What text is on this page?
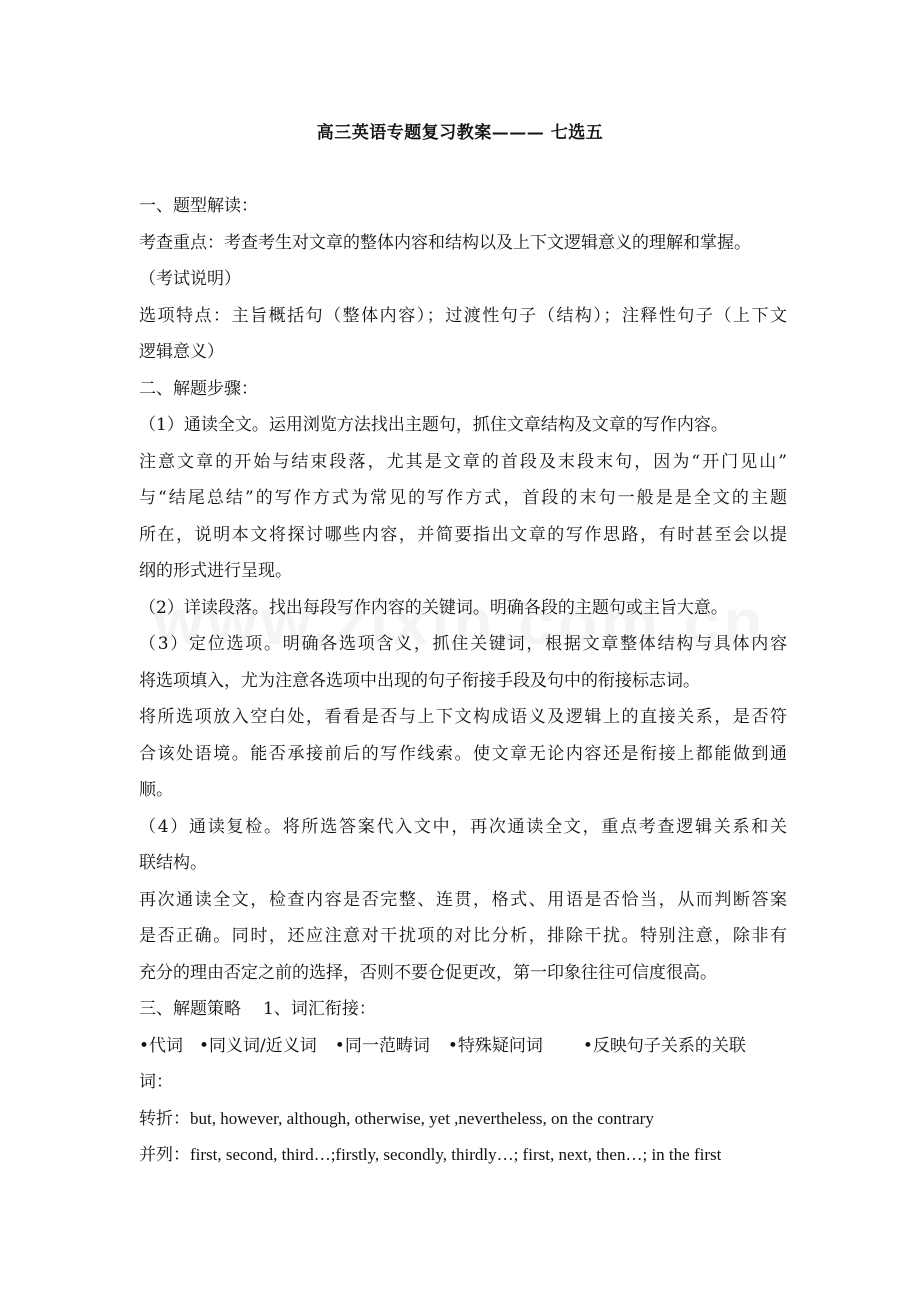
高三英语专题复习教案——— 七选五
一、题型解读：
考查重点：考查考生对文章的整体内容和结构以及上下文逻辑意义的理解和掌握。
（考试说明）
选项特点：主旨概括句（整体内容）；过渡性句子（结构）；注释性句子（上下文
逻辑意义）
二、解题步骤：
（1）通读全文。运用浏览方法找出主题句，抓住文章结构及文章的写作内容。
注意文章的开始与结束段落，尤其是文章的首段及末段末句，因为“开门见山”
与“结尾总结”的写作方式为常见的写作方式，首段的末句一般是是全文的主题
所在，说明本文将探讨哪些内容，并简要指出文章的写作思路，有时甚至会以提
纲的形式进行呈现。
（2）详读段落。找出每段写作内容的关键词。明确各段的主题句或主旨大意。
（3）定位选项。明确各选项含义，抓住关键词，根据文章整体结构与具体内容
将选项填入，尤为注意各选项中出现的句子衔接手段及句中的衔接标志词。
将所选项放入空白处，看看是否与上下文构成语义及逻辑上的直接关系，是否符
合该处语境。能否承接前后的写作线索。使文章无论内容还是衔接上都能做到通
顺。
（4）通读复检。将所选答案代入文中，再次通读全文，重点考查逻辑关系和关
联结构。
再次通读全文，检查内容是否完整、连贯，格式、用语是否恰当，从而判断答案
是否正确。同时，还应注意对干扰项的对比分析，排除干扰。特别注意，除非有
充分的理由否定之前的选择，否则不要仓促更改，第一印象往往可信度很高。
三、解题策略 1、词汇衔接：
•代词 •同义词/近义词 •同一范畴词 •特殊疑问词 •反映句子关系的关联
词：
转折：but, however, although, otherwise, yet ,nevertheless, on the contrary
并列：first, second, third…;firstly, secondly, thirdly…; first, next, then…; in the first
